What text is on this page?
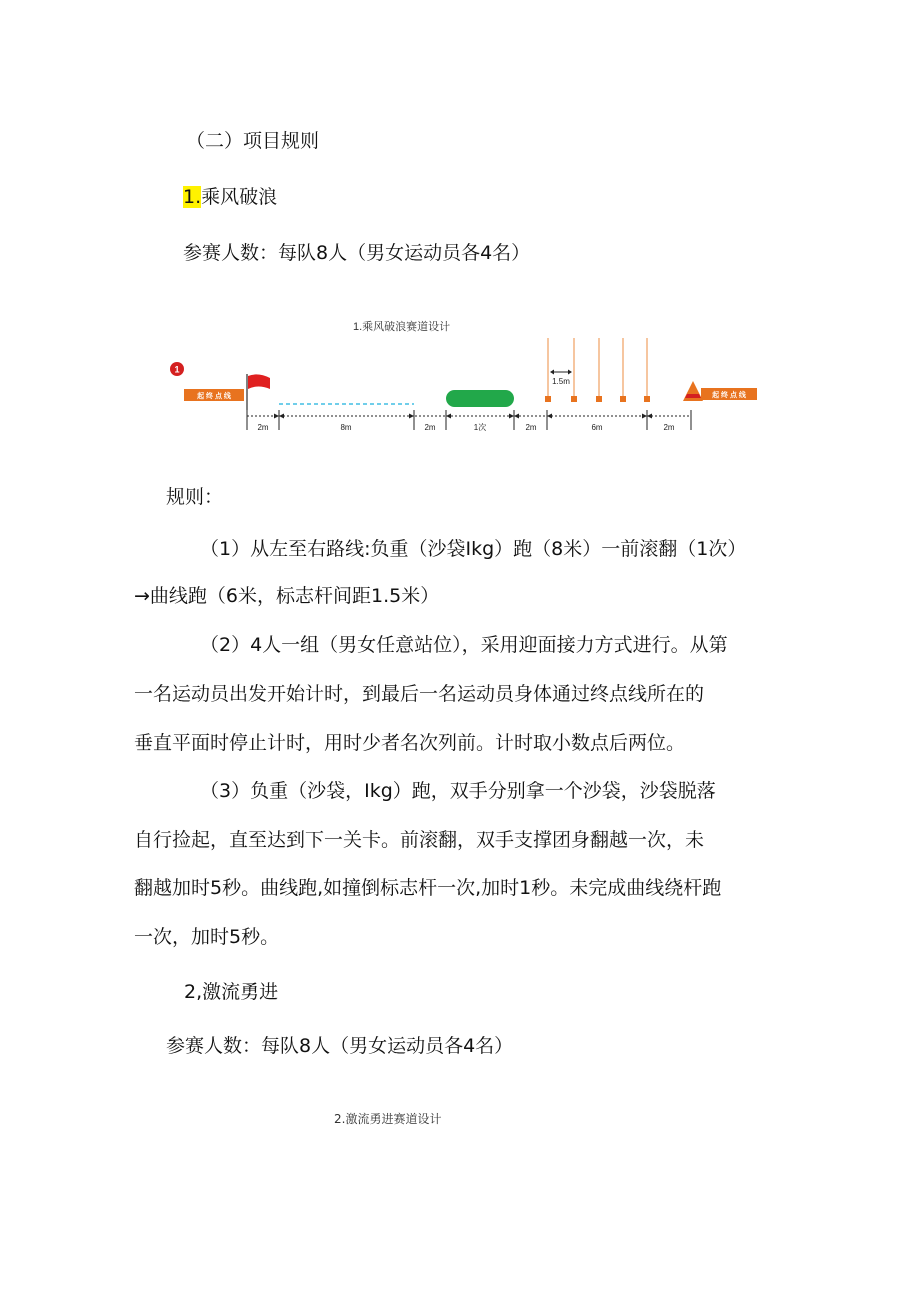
（二）项目规则
1.乘风破浪
参赛人数：每队8人（男女运动员各4名）
1.乘风破浪赛道设计
1
起 终 点 线
1.5m
起 终 点 线
2m	8m	2m	1次	2m	6m	2m
规则：
（1）从左至右路线:负重（沙袋Ikg）跑（8米）一前滚翻（1次）
→曲线跑（6米，标志杆间距1.5米）
（2）4人一组（男女任意站位），采用迎面接力方式进行。从第
一名运动员出发开始计时，到最后一名运动员身体通过终点线所在的
垂直平面时停止计时，用时少者名次列前。计时取小数点后两位。
（3）负重（沙袋，Ikg）跑，双手分别拿一个沙袋，沙袋脱落
自行捡起，直至达到下一关卡。前滚翻，双手支撑团身翻越一次，未
翻越加时5秒。曲线跑,如撞倒标志杆一次,加时1秒。未完成曲线绕杆跑
一次，加时5秒。
2,激流勇进
参赛人数：每队8人（男女运动员各4名）
2.激流勇进赛道设计
